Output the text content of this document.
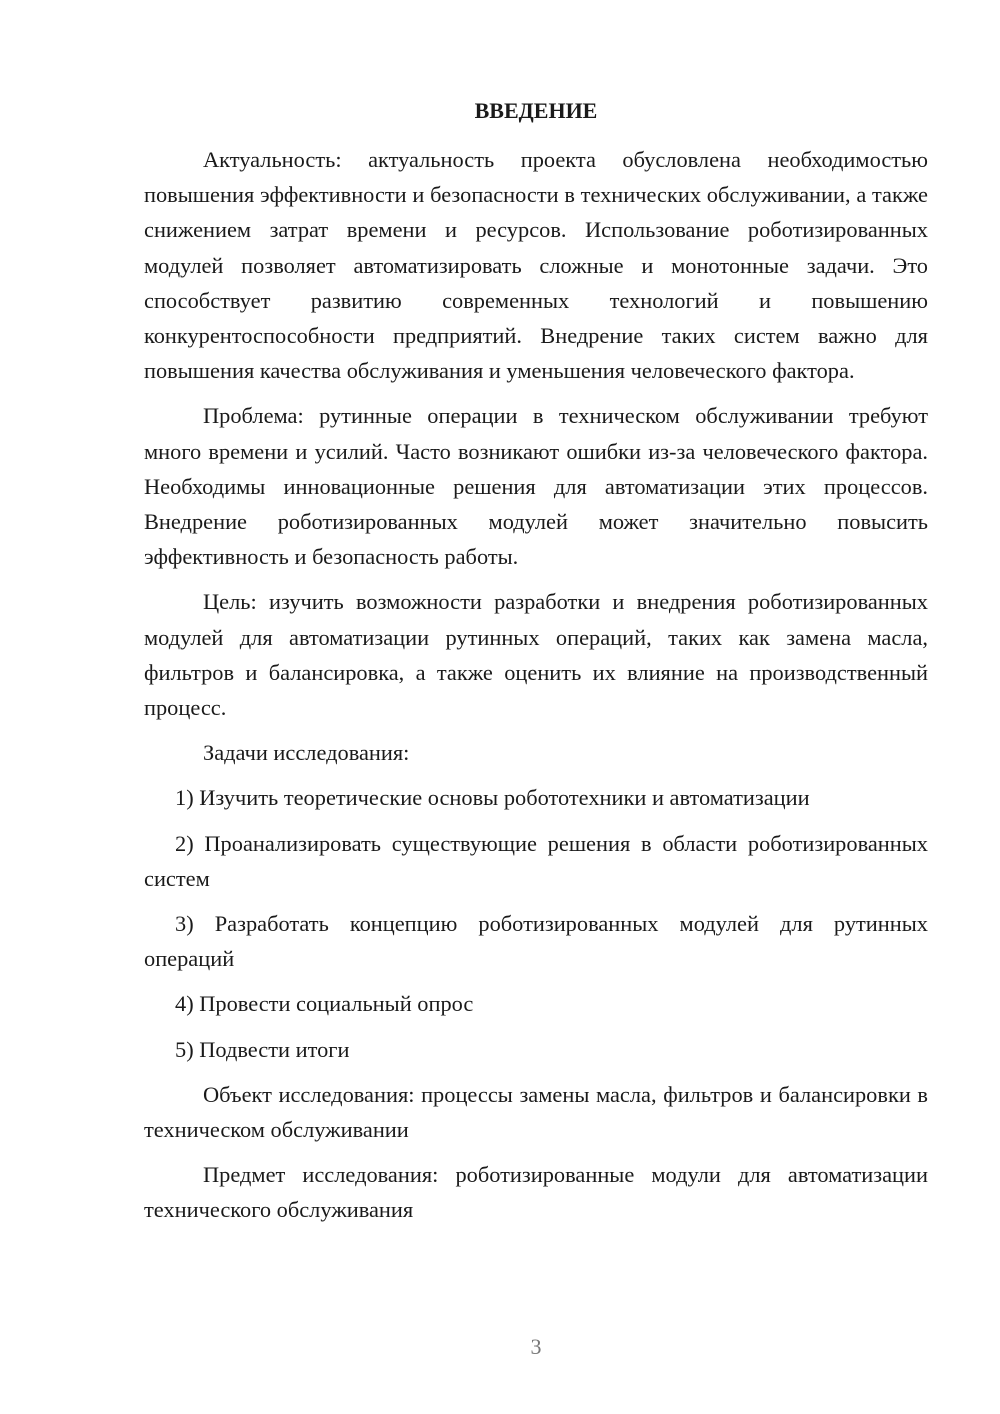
ВВЕДЕНИЕ

Актуальность: актуальность проекта обусловлена необходимостью повышения эффективности и безопасности в технических обслуживании, а также снижением затрат времени и ресурсов. Использование роботизированных модулей позволяет автоматизировать сложные и монотонные задачи. Это способствует развитию современных технологий и повышению конкурентоспособности предприятий. Внедрение таких систем важно для повышения качества обслуживания и уменьшения человеческого фактора.

Проблема: рутинные операции в техническом обслуживании требуют много времени и усилий. Часто возникают ошибки из-за человеческого фактора. Необходимы инновационные решения для автоматизации этих процессов. Внедрение роботизированных модулей может значительно повысить эффективность и безопасность работы.

Цель: изучить возможности разработки и внедрения роботизированных модулей для автоматизации рутинных операций, таких как замена масла, фильтров и балансировка, а также оценить их влияние на производственный процесс.

Задачи исследования:

1) Изучить теоретические основы робототехники и автоматизации

2) Проанализировать существующие решения в области роботизированных систем

3) Разработать концепцию роботизированных модулей для рутинных операций

4) Провести социальный опрос

5) Подвести итоги

Объект исследования: процессы замены масла, фильтров и балансировки в техническом обслуживании

Предмет исследования: роботизированные модули для автоматизации технического обслуживания

3
